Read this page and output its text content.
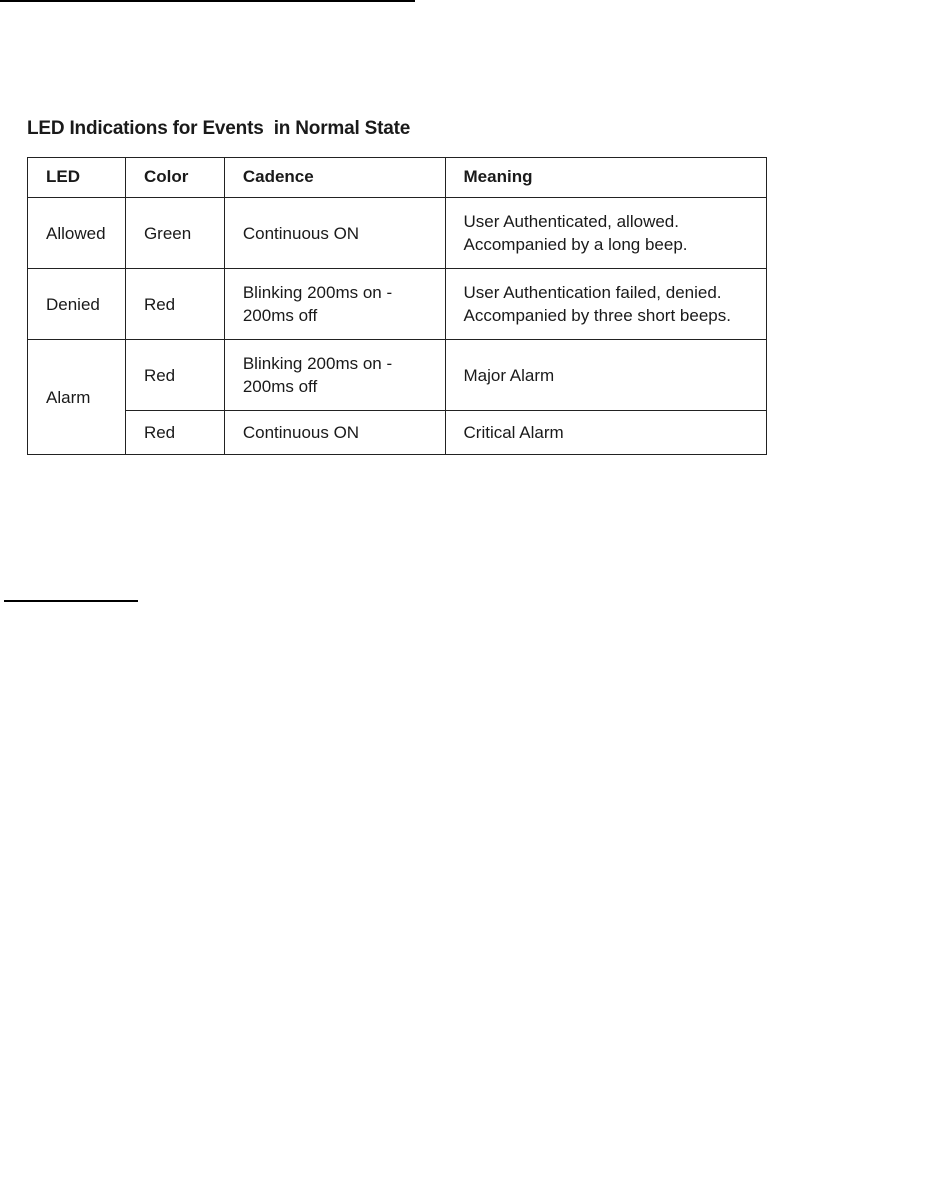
LED Indications for Events  in Normal State
LED	Color	Cadence	Meaning
Allowed	Green	Continuous ON	User Authenticated, allowed.
Accompanied by a long beep.

Denied	Red	Blinking 200ms on -
200ms off	User Authentication failed, denied.
Accompanied by three short beeps.

Alarm	Red	Blinking 200ms on -
200ms off	Major Alarm

	Red	Continuous ON	Critical Alarm
